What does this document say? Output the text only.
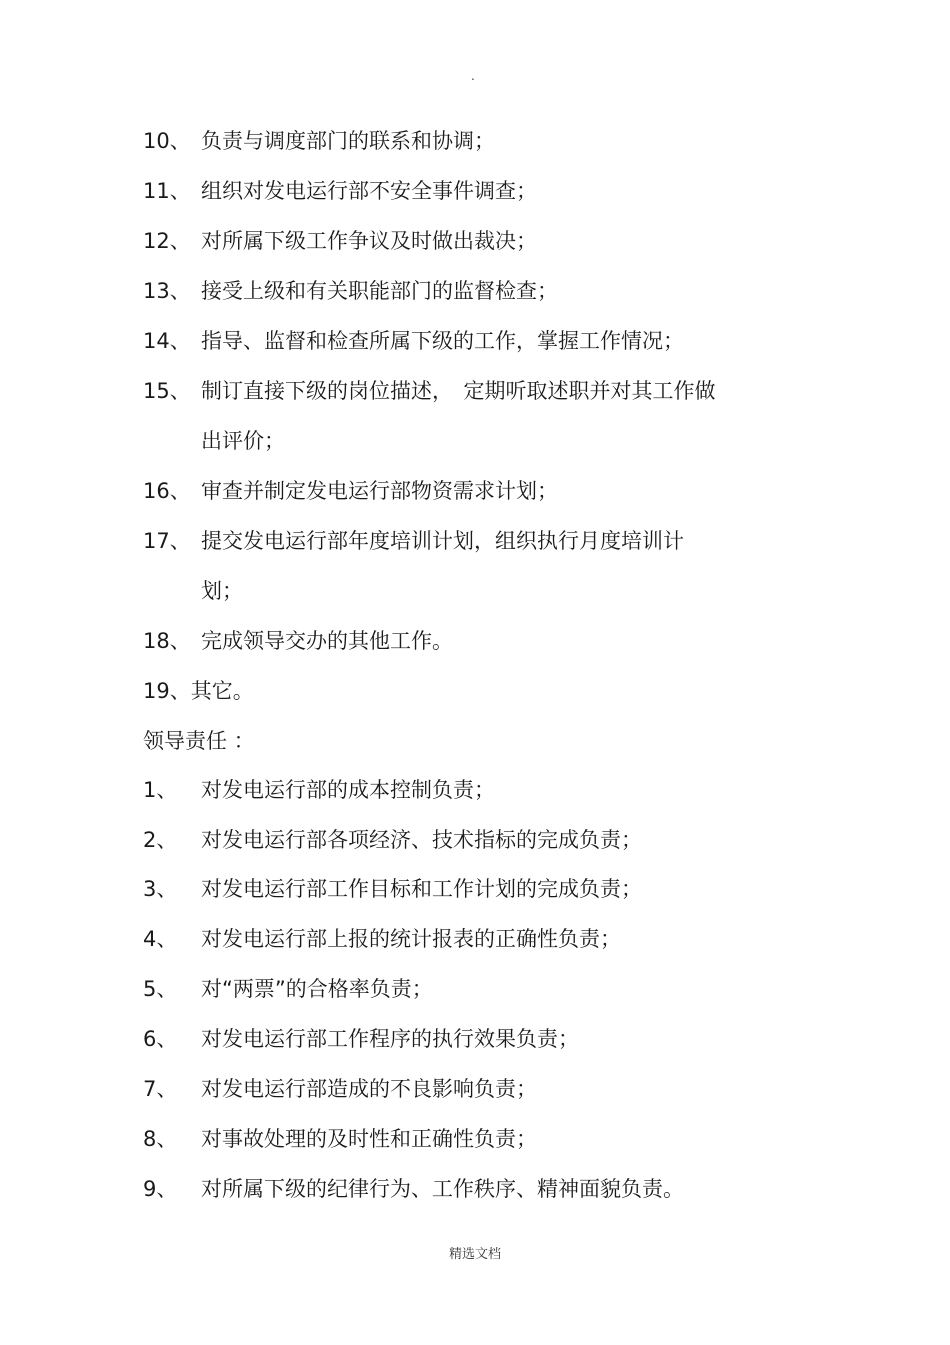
.
10、 负责与调度部门的联系和协调；
11、 组织对发电运行部不安全事件调查；
12、 对所属下级工作争议及时做出裁决；
13、 接受上级和有关职能部门的监督检查；
14、 指导、监督和检查所属下级的工作，掌握工作情况；
15、 制订直接下级的岗位描述，　定期听取述职并对其工作做
出评价；
16、 审查并制定发电运行部物资需求计划；
17、 提交发电运行部年度培训计划，组织执行月度培训计
划；
18、 完成领导交办的其他工作。
19、其它。
领导责任 ：
1、 对发电运行部的成本控制负责；
2、 对发电运行部各项经济、技术指标的完成负责；
3、 对发电运行部工作目标和工作计划的完成负责；
4、 对发电运行部上报的统计报表的正确性负责；
5、 对“两票”的合格率负责；
6、 对发电运行部工作程序的执行效果负责；
7、 对发电运行部造成的不良影响负责；
8、 对事故处理的及时性和正确性负责；
9、 对所属下级的纪律行为、工作秩序、精神面貌负责。
精选文档
